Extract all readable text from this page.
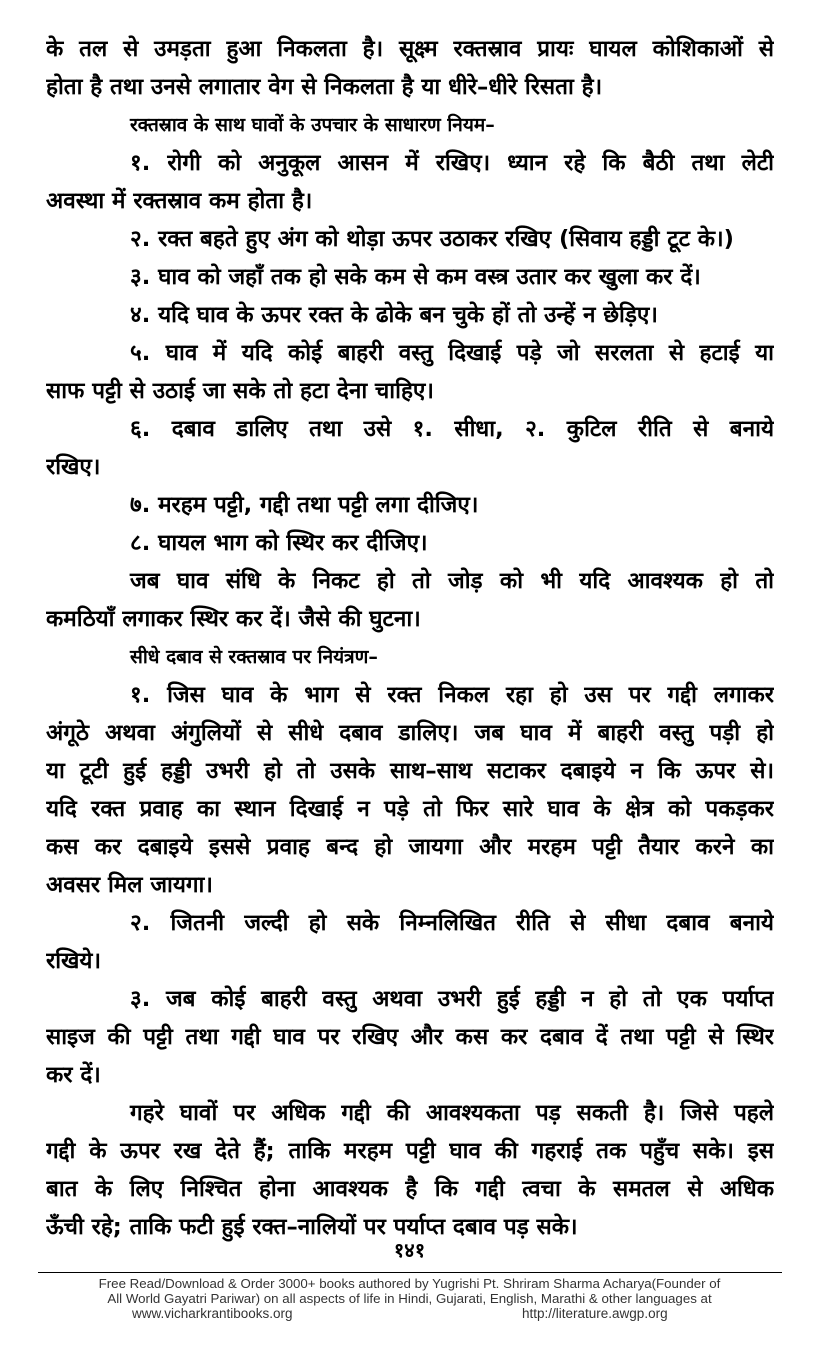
के तल से उमड़ता हुआ निकलता है। सूक्ष्म रक्तस्राव प्रायः घायल कोशिकाओं से
होता है तथा उनसे लगातार वेग से निकलता है या धीरे–धीरे रिसता है।
रक्तस्राव के साथ घावों के उपचार के साधारण नियम–
१. रोगी को अनुकूल आसन में रखिए। ध्यान रहे कि बैठी तथा लेटी
अवस्था में रक्तस्राव कम होता है।
२. रक्त बहते हुए अंग को थोड़ा ऊपर उठाकर रखिए (सिवाय हड्डी टूट के।)
३. घाव को जहाँ तक हो सके कम से कम वस्त्र उतार कर खुला कर दें।
४. यदि घाव के ऊपर रक्त के ढोके बन चुके हों तो उन्हें न छेड़िए।
५. घाव में यदि कोई बाहरी वस्तु दिखाई पड़े जो सरलता से हटाई या
साफ पट्टी से उठाई जा सके तो हटा देना चाहिए।
६. दबाव डालिए तथा उसे १. सीधा, २. कुटिल रीति से बनाये
रखिए।
७. मरहम पट्टी, गद्दी तथा पट्टी लगा दीजिए।
८. घायल भाग को स्थिर कर दीजिए।
जब घाव संधि के निकट हो तो जोड़ को भी यदि आवश्यक हो तो
कमठियाँ लगाकर स्थिर कर दें। जैसे की घुटना।
सीधे दबाव से रक्तस्राव पर नियंत्रण–
१. जिस घाव के भाग से रक्त निकल रहा हो उस पर गद्दी लगाकर
अंगूठे अथवा अंगुलियों से सीधे दबाव डालिए। जब घाव में बाहरी वस्तु पड़ी हो
या टूटी हुई हड्डी उभरी हो तो उसके साथ–साथ सटाकर दबाइये न कि ऊपर से।
यदि रक्त प्रवाह का स्थान दिखाई न पड़े तो फिर सारे घाव के क्षेत्र को पकड़कर
कस कर दबाइये इससे प्रवाह बन्द हो जायगा और मरहम पट्टी तैयार करने का
अवसर मिल जायगा।
२. जितनी जल्दी हो सके निम्नलिखित रीति से सीधा दबाव बनाये
रखिये।
३. जब कोई बाहरी वस्तु अथवा उभरी हुई हड्डी न हो तो एक पर्याप्त
साइज की पट्टी तथा गद्दी घाव पर रखिए और कस कर दबाव दें तथा पट्टी से स्थिर
कर दें।
गहरे घावों पर अधिक गद्दी की आवश्यकता पड़ सकती है। जिसे पहले
गद्दी के ऊपर रख देते हैं; ताकि मरहम पट्टी घाव की गहराई तक पहुँच सके। इस
बात के लिए निश्चित होना आवश्यक है कि गद्दी त्वचा के समतल से अधिक
ऊँची रहे; ताकि फटी हुई रक्त–नालियों पर पर्याप्त दबाव पड़ सके।
१४१
Free Read/Download & Order 3000+ books authored by Yugrishi Pt. Shriram Sharma Acharya(Founder of
All World Gayatri Pariwar) on all aspects of life in Hindi, Gujarati, English, Marathi & other languages at
www.vicharkrantibooks.org	http://literature.awgp.org
